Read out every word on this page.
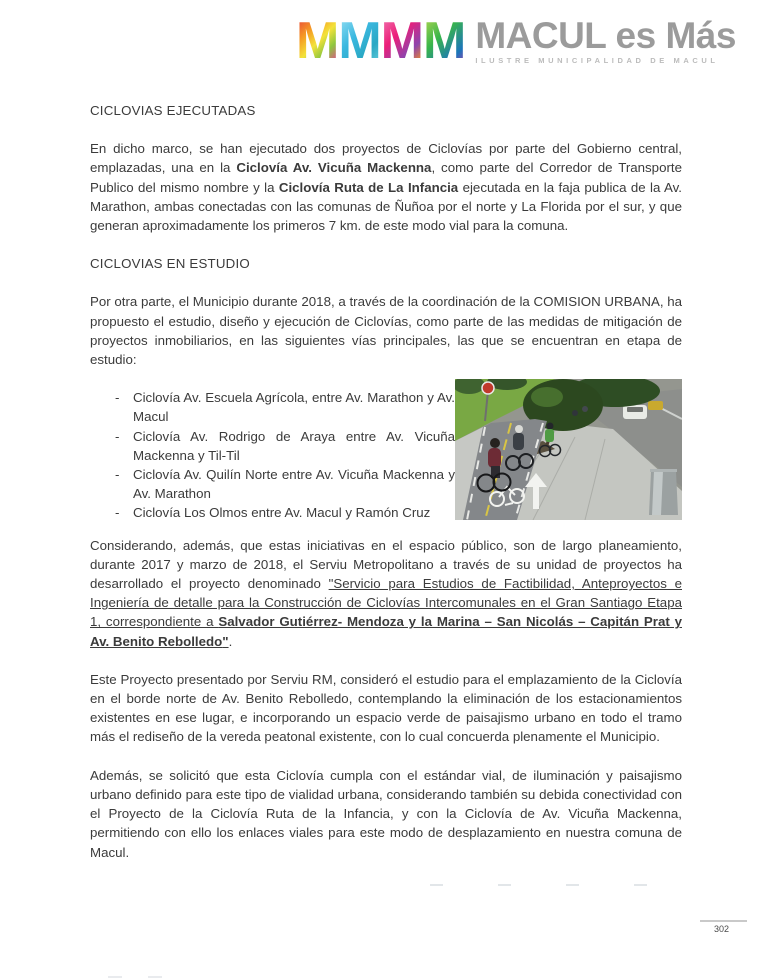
M M M M MACUL es Más
ILUSTRE MUNICIPALIDAD DE MACUL
CICLOVIAS EJECUTADAS

En dicho marco, se han ejecutado dos proyectos de Ciclovías por parte del Gobierno central, emplazadas, una en la Ciclovía Av. Vicuña Mackenna, como parte del Corredor de Transporte Publico del mismo nombre y la Ciclovía Ruta de La Infancia ejecutada en la faja publica de la Av. Marathon, ambas conectadas con las comunas de Ñuñoa por el norte y La Florida por el sur, y que generan aproximadamente los primeros 7 km. de este modo vial para la comuna.

CICLOVIAS EN ESTUDIO

Por otra parte, el Municipio durante 2018, a través de la coordinación de la COMISION URBANA, ha propuesto el estudio, diseño y ejecución de Ciclovías, como parte de las medidas de mitigación de proyectos inmobiliarios, en las siguientes vías principales, las que se encuentran en etapa de estudio:

-	Ciclovía Av. Escuela Agrícola, entre Av. Marathon y Av. Macul
-	Ciclovía Av. Rodrigo de Araya entre Av. Vicuña Mackenna y Til-Til
-	Ciclovía Av. Quilín Norte entre Av. Vicuña Mackenna y Av. Marathon
-	Ciclovía Los Olmos entre Av. Macul y Ramón Cruz

Considerando, además, que estas iniciativas en el espacio público, son de largo planeamiento, durante 2017 y marzo de 2018, el Serviu Metropolitano a través de su unidad de proyectos ha desarrollado el proyecto denominado "Servicio para Estudios de Factibilidad, Anteproyectos e Ingeniería de detalle para la Construcción de Ciclovías Intercomunales en el Gran Santiago Etapa 1, correspondiente a Salvador Gutiérrez- Mendoza y la Marina – San Nicolás – Capitán Prat y Av. Benito Rebolledo".

Este Proyecto presentado por Serviu RM, consideró el estudio para el emplazamiento de la Ciclovía en el borde norte de Av. Benito Rebolledo, contemplando la eliminación de los estacionamientos existentes en ese lugar, e incorporando un espacio verde de paisajismo urbano en todo el tramo más el rediseño de la vereda peatonal existente, con lo cual concuerda plenamente el Municipio.

Además, se solicitó que esta Ciclovía cumpla con el estándar vial, de iluminación y paisajismo urbano definido para este tipo de vialidad urbana, considerando también su debida conectividad con el Proyecto de la Ciclovía Ruta de la Infancia, y con la Ciclovía de Av. Vicuña Mackenna, permitiendo con ello los enlaces viales para este modo de desplazamiento en nuestra comuna de Macul.

302
